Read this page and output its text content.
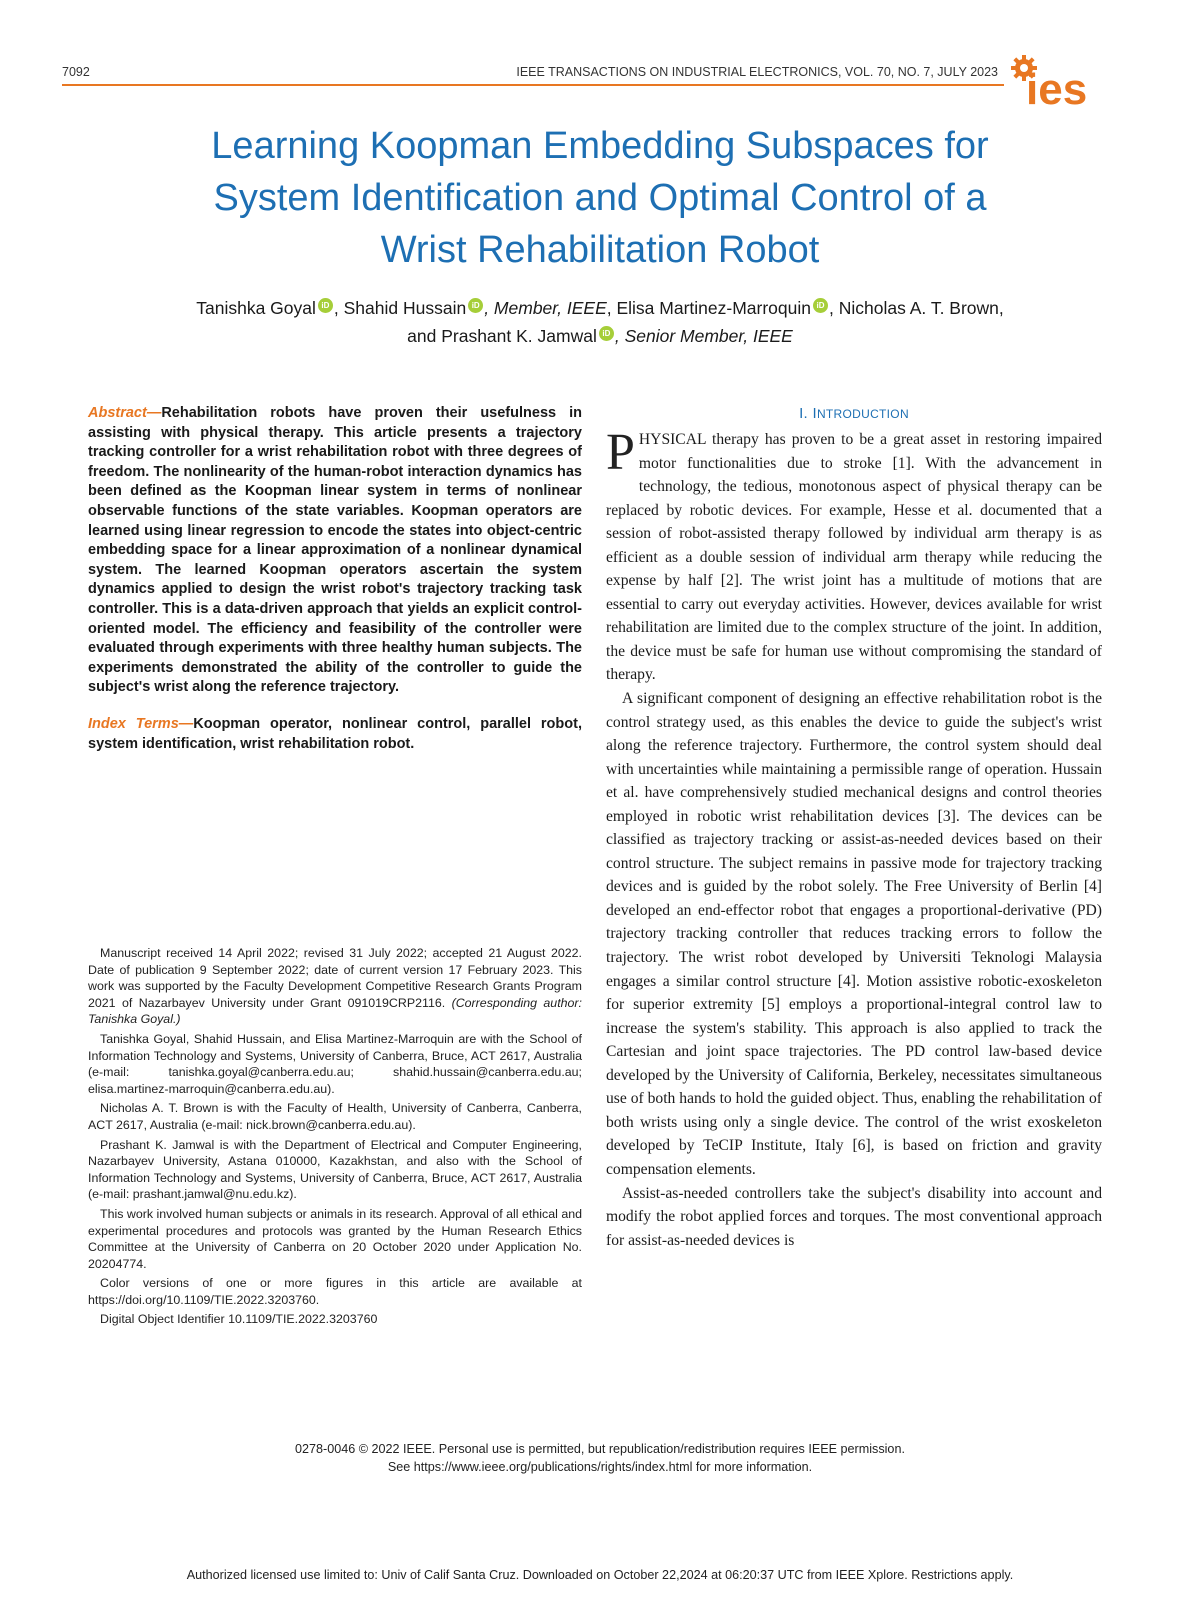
7092	IEEE TRANSACTIONS ON INDUSTRIAL ELECTRONICS, VOL. 70, NO. 7, JULY 2023 ies
Learning Koopman Embedding Subspaces for
System Identification and Optimal Control of a
Wrist Rehabilitation Robot
Tanishka Goyal iD , Shahid Hussain iD , Member, IEEE, Elisa Martinez-Marroquin iD , Nicholas A. T. Brown,
and Prashant K. Jamwal iD , Senior Member, IEEE

Abstract—Rehabilitation robots have proven their usefulness in assisting with physical therapy. This article presents a trajectory tracking controller for a wrist rehabilitation robot with three degrees of freedom. The nonlinearity of the human-robot interaction dynamics has been defined as the Koopman linear system in terms of nonlinear observable functions of the state variables. Koopman operators are learned using linear regression to encode the states into object-centric embedding space for a linear approximation of a nonlinear dynamical system. The learned Koopman operators ascertain the system dynamics applied to design the wrist robot's trajectory tracking task controller. This is a data-driven approach that yields an explicit control-oriented model. The efficiency and feasibility of the controller were evaluated through experiments with three healthy human subjects. The experiments demonstrated the ability of the controller to guide the subject's wrist along the reference trajectory.

Index Terms—Koopman operator, nonlinear control, parallel robot, system identification, wrist rehabilitation robot.

Manuscript received 14 April 2022; revised 31 July 2022; accepted 21 August 2022. Date of publication 9 September 2022; date of current version 17 February 2023. This work was supported by the Faculty Development Competitive Research Grants Program 2021 of Nazarbayev University under Grant 091019CRP2116. (Corresponding author: Tanishka Goyal.)

Tanishka Goyal, Shahid Hussain, and Elisa Martinez-Marroquin are with the School of Information Technology and Systems, University of Canberra, Bruce, ACT 2617, Australia (e-mail: tanishka.goyal@canberra.edu.au; shahid.hussain@canberra.edu.au; elisa.martinez-marroquin@canberra.edu.au).

Nicholas A. T. Brown is with the Faculty of Health, University of Canberra, Canberra, ACT 2617, Australia (e-mail: nick.brown@canberra.edu.au).

Prashant K. Jamwal is with the Department of Electrical and Computer Engineering, Nazarbayev University, Astana 010000, Kazakhstan, and also with the School of Information Technology and Systems, University of Canberra, Bruce, ACT 2617, Australia (e-mail: prashant.jamwal@nu.edu.kz).

This work involved human subjects or animals in its research. Approval of all ethical and experimental procedures and protocols was granted by the Human Research Ethics Committee at the University of Canberra on 20 October 2020 under Application No. 20204774.

Color versions of one or more figures in this article are available at https://doi.org/10.1109/TIE.2022.3203760.

Digital Object Identifier 10.1109/TIE.2022.3203760

I. INTRODUCTION

PHYSICAL therapy has proven to be a great asset in restoring impaired motor functionalities due to stroke [1]. With the advancement in technology, the tedious, monotonous aspect of physical therapy can be replaced by robotic devices. For example, Hesse et al. documented that a session of robot-assisted therapy followed by individual arm therapy is as efficient as a double session of individual arm therapy while reducing the expense by half [2]. The wrist joint has a multitude of motions that are essential to carry out everyday activities. However, devices available for wrist rehabilitation are limited due to the complex structure of the joint. In addition, the device must be safe for human use without compromising the standard of therapy.

A significant component of designing an effective rehabilitation robot is the control strategy used, as this enables the device to guide the subject's wrist along the reference trajectory. Furthermore, the control system should deal with uncertainties while maintaining a permissible range of operation. Hussain et al. have comprehensively studied mechanical designs and control theories employed in robotic wrist rehabilitation devices [3]. The devices can be classified as trajectory tracking or assist-as-needed devices based on their control structure. The subject remains in passive mode for trajectory tracking devices and is guided by the robot solely. The Free University of Berlin [4] developed an end-effector robot that engages a proportional-derivative (PD) trajectory tracking controller that reduces tracking errors to follow the trajectory. The wrist robot developed by Universiti Teknologi Malaysia engages a similar control structure [4]. Motion assistive robotic-exoskeleton for superior extremity [5] employs a proportional-integral control law to increase the system's stability. This approach is also applied to track the Cartesian and joint space trajectories. The PD control law-based device developed by the University of California, Berkeley, necessitates simultaneous use of both hands to hold the guided object. Thus, enabling the rehabilitation of both wrists using only a single device. The control of the wrist exoskeleton developed by TeCIP Institute, Italy [6], is based on friction and gravity compensation elements.

Assist-as-needed controllers take the subject's disability into account and modify the robot applied forces and torques. The most conventional approach for assist-as-needed devices is

0278-0046 © 2022 IEEE. Personal use is permitted, but republication/redistribution requires IEEE permission.
See https://www.ieee.org/publications/rights/index.html for more information.
Authorized licensed use limited to: Univ of Calif Santa Cruz. Downloaded on October 22,2024 at 06:20:37 UTC from IEEE Xplore. Restrictions apply.
